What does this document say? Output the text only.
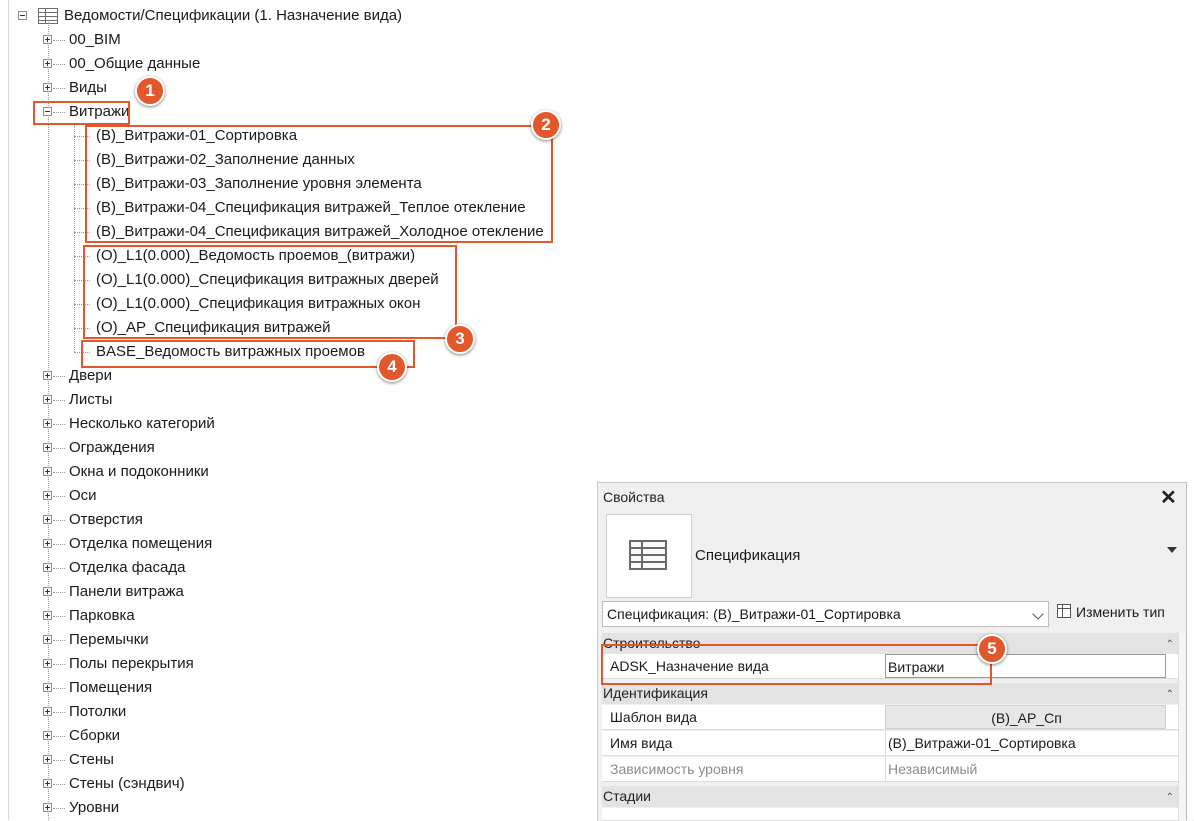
Ведомости/Спецификации (1. Назначение вида)
00_BIM
00_Общие данные
Виды
Витражи
(В)_Витражи-01_Сортировка
(В)_Витражи-02_Заполнение данных
(В)_Витражи-03_Заполнение уровня элемента
(В)_Витражи-04_Спецификация витражей_Теплое отекление
(В)_Витражи-04_Спецификация витражей_Холодное отекление
(О)_L1(0.000)_Ведомость проемов_(витражи)
(О)_L1(0.000)_Спецификация витражных дверей
(О)_L1(0.000)_Спецификация витражных окон
(О)_АР_Спецификация витражей
BASE_Ведомость витражных проемов
Двери
Листы
Несколько категорий
Ограждения
Окна и подоконники
Оси
Отверстия
Отделка помещения
Отделка фасада
Панели витража
Парковка
Перемычки
Полы перекрытия
Помещения
Потолки
Сборки
Стены
Стены (сэндвич)
Уровни
1
2
3
4
Свойства	✕
Спецификация
Спецификация: (В)_Витражи-01_Сортировка	Изменить тип
Строительство	⌃
ADSK_Назначение вида	Витражи
Идентификация	⌃
Шаблон вида	(В)_АР_Сп
Имя вида	(В)_Витражи-01_Сортировка
Зависимость уровня	Независимый
Стадии	⌃
5
